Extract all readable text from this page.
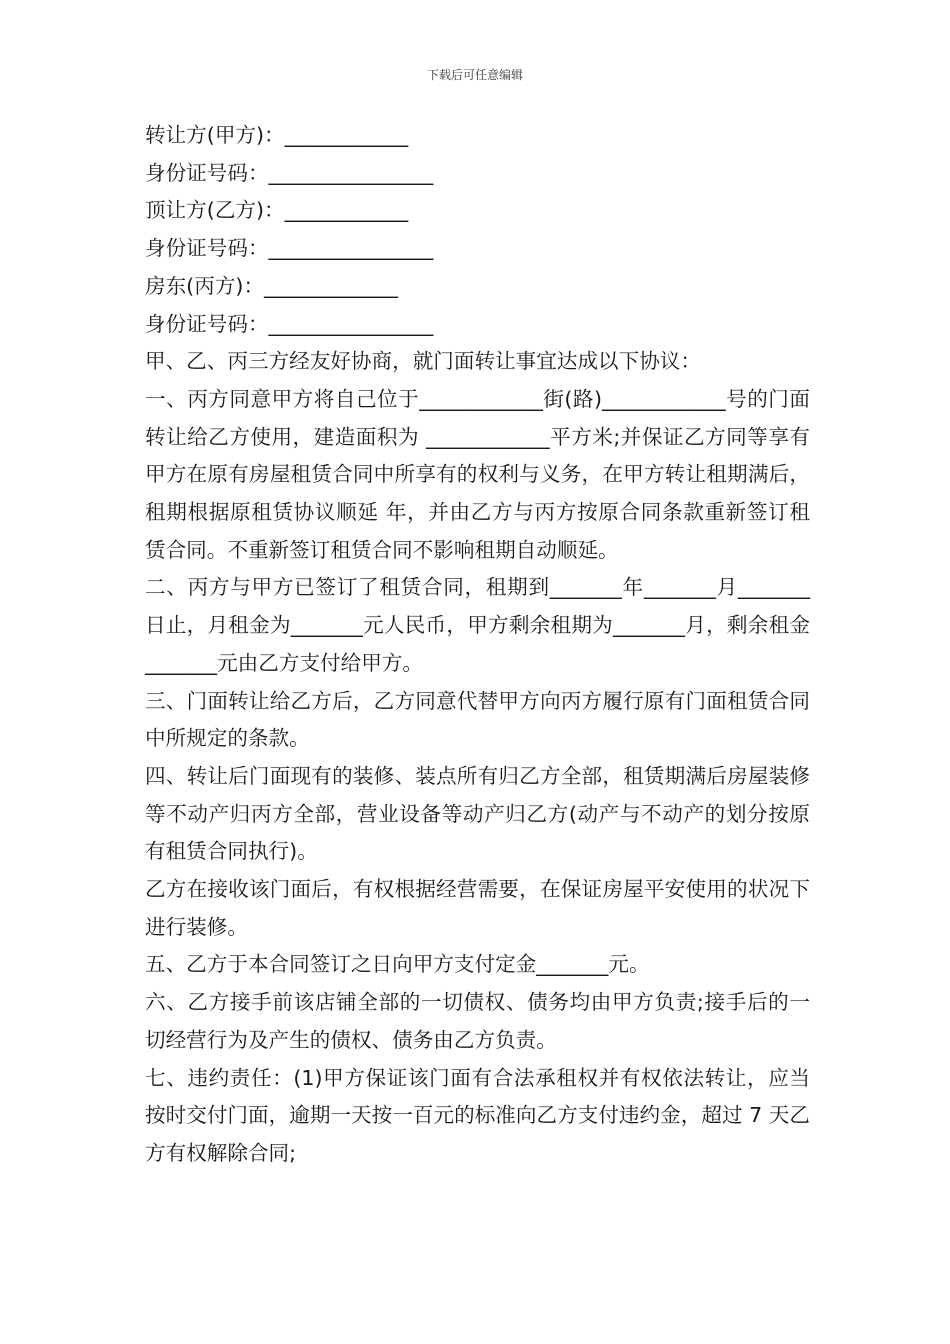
下载后可任意编辑

转让方(甲方)：____________

身份证号码：________________

顶让方(乙方)：____________

身份证号码：________________

房东(丙方)：_____________

身份证号码：________________

甲、乙、丙三方经友好协商，就门面转让事宜达成以下协议：

一、丙方同意甲方将自己位于____________街(路)____________号的门面转让给乙方使用，建造面积为 ____________平方米;并保证乙方同等享有甲方在原有房屋租赁合同中所享有的权利与义务，在甲方转让租期满后，租期根据原租赁协议顺延 年，并由乙方与丙方按原合同条款重新签订租赁合同。不重新签订租赁合同不影响租期自动顺延。

二、丙方与甲方已签订了租赁合同，租期到_______年_______月_______日止，月租金为_______元人民币，甲方剩余租期为_______月，剩余租金_______元由乙方支付给甲方。

三、门面转让给乙方后，乙方同意代替甲方向丙方履行原有门面租赁合同中所规定的条款。

四、转让后门面现有的装修、装点所有归乙方全部，租赁期满后房屋装修等不动产归丙方全部，营业设备等动产归乙方(动产与不动产的划分按原有租赁合同执行)。

乙方在接收该门面后，有权根据经营需要，在保证房屋平安使用的状况下进行装修。

五、乙方于本合同签订之日向甲方支付定金_______元。

六、乙方接手前该店铺全部的一切债权、债务均由甲方负责;接手后的一切经营行为及产生的债权、债务由乙方负责。

七、违约责任：(1)甲方保证该门面有合法承租权并有权依法转让，应当按时交付门面，逾期一天按一百元的标准向乙方支付违约金，超过 7 天乙方有权解除合同;
